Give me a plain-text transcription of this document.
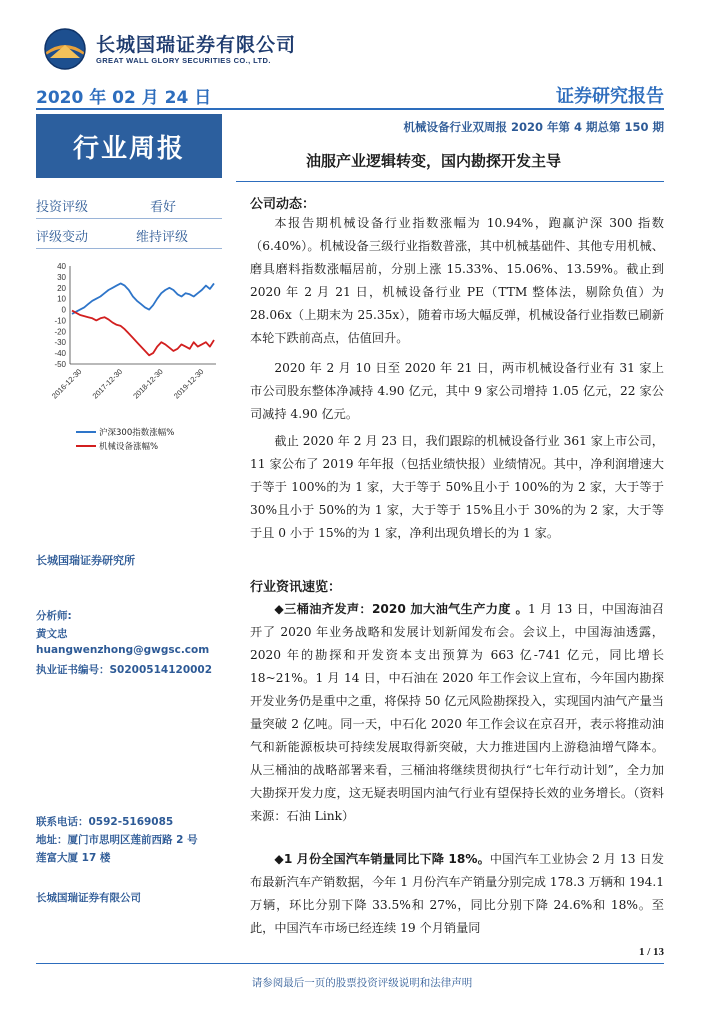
长城国瑞证券有限公司
GREAT WALL GLORY SECURITIES CO., LTD.
2020 年 02 月 24 日	证券研究报告
行业周报
机械设备行业双周报 2020 年第 4 期总第 150 期
油服产业逻辑转变，国内勘探开发主导
投资评级	看好
评级变动	维持评级
40
30
20
10
0
-10
-20
-30
-40
-50
2016-12-30 2017-12-30 2018-12-30 2019-12-30
沪深300指数涨幅%
机械设备涨幅%
长城国瑞证券研究所
分析师:
黄文忠
huangwenzhong@gwgsc.com
执业证书编号：S0200514120002
联系电话：0592-5169085
地址：厦门市思明区莲前西路 2 号
莲富大厦 17 楼
长城国瑞证券有限公司
公司动态：

本报告期机械设备行业指数涨幅为 10.94%，跑赢沪深 300 指数（6.40%）。机械设备三级行业指数普涨，其中机械基础件、其他专用机械、磨具磨料指数涨幅居前，分别上涨 15.33%、15.06%、13.59%。截止到 2020 年 2 月 21 日，机械设备行业 PE（TTM 整体法，剔除负值）为 28.06x（上期末为 25.35x），随着市场大幅反弹，机械设备行业指数已刷新本轮下跌前高点，估值回升。

2020 年 2 月 10 日至 2020 年 21 日，两市机械设备行业有 31 家上市公司股东整体净减持 4.90 亿元，其中 9 家公司增持 1.05 亿元，22 家公司减持 4.90 亿元。

截止 2020 年 2 月 23 日，我们跟踪的机械设备行业 361 家上市公司，11 家公布了 2019 年年报（包括业绩快报）业绩情况。其中，净利润增速大于等于 100%的为 1 家，大于等于 50%且小于 100%的为 2 家，大于等于 30%且小于 50%的为 1 家，大于等于 15%且小于 30%的为 2 家，大于等于且 0 小于 15%的为 1 家，净利出现负增长的为 1 家。

行业资讯速览：

◆三桶油齐发声：2020 加大油气生产力度 。1 月 13 日，中国海油召开了 2020 年业务战略和发展计划新闻发布会。会议上，中国海油透露，2020 年的勘探和开发资本支出预算为 663 亿-741 亿元，同比增长 18~21%。1 月 14 日，中石油在 2020 年工作会议上宣布，今年国内勘探开发业务仍是重中之重，将保持 50 亿元风险勘探投入，实现国内油气产量当量突破 2 亿吨。同一天，中石化 2020 年工作会议在京召开，表示将推动油气和新能源板块可持续发展取得新突破，大力推进国内上游稳油增气降本。从三桶油的战略部署来看，三桶油将继续贯彻执行“七年行动计划”，全力加大勘探开发力度，这无疑表明国内油气行业有望保持长效的业务增长。（资料来源：石油 Link）

◆1 月份全国汽车销量同比下降 18%。中国汽车工业协会 2 月 13 日发布最新汽车产销数据，今年 1 月份汽车产销量分别完成 178.3 万辆和 194.1 万辆，环比分别下降 33.5%和 27%，同比分别下降 24.6%和 18%。至此，中国汽车市场已经连续 19 个月销量同

1 / 13
请参阅最后一页的股票投资评级说明和法律声明
